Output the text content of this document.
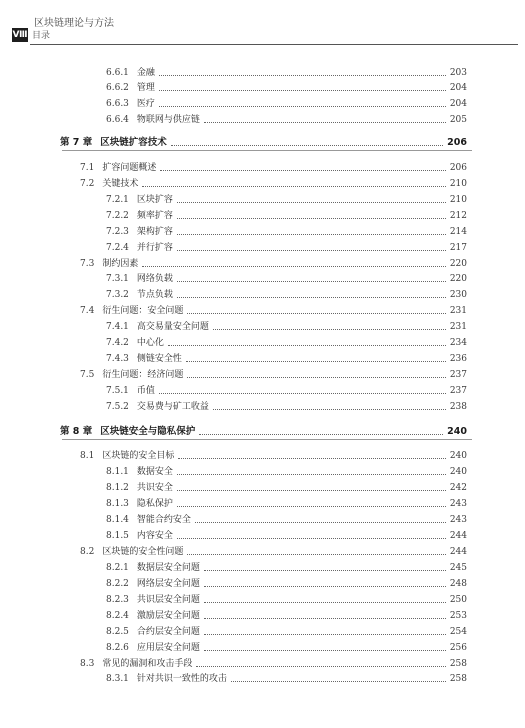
区块链理论与方法
Ⅷ 目录
6.6.1 金融	203
6.6.2 管理	204
6.6.3 医疗	204
6.6.4 物联网与供应链	205
第 7 章 区块链扩容技术	206
7.1 扩容问题概述	206
7.2 关键技术	210
7.2.1 区块扩容	210
7.2.2 频率扩容	212
7.2.3 架构扩容	214
7.2.4 并行扩容	217
7.3 制约因素	220
7.3.1 网络负载	220
7.3.2 节点负载	230
7.4 衍生问题：安全问题	231
7.4.1 高交易量安全问题	231
7.4.2 中心化	234
7.4.3 侧链安全性	236
7.5 衍生问题：经济问题	237
7.5.1 币值	237
7.5.2 交易费与矿工收益	238
第 8 章 区块链安全与隐私保护	240
8.1 区块链的安全目标	240
8.1.1 数据安全	240
8.1.2 共识安全	242
8.1.3 隐私保护	243
8.1.4 智能合约安全	243
8.1.5 内容安全	244
8.2 区块链的安全性问题	244
8.2.1 数据层安全问题	245
8.2.2 网络层安全问题	248
8.2.3 共识层安全问题	250
8.2.4 激励层安全问题	253
8.2.5 合约层安全问题	254
8.2.6 应用层安全问题	256
8.3 常见的漏洞和攻击手段	258
8.3.1 针对共识一致性的攻击	258
